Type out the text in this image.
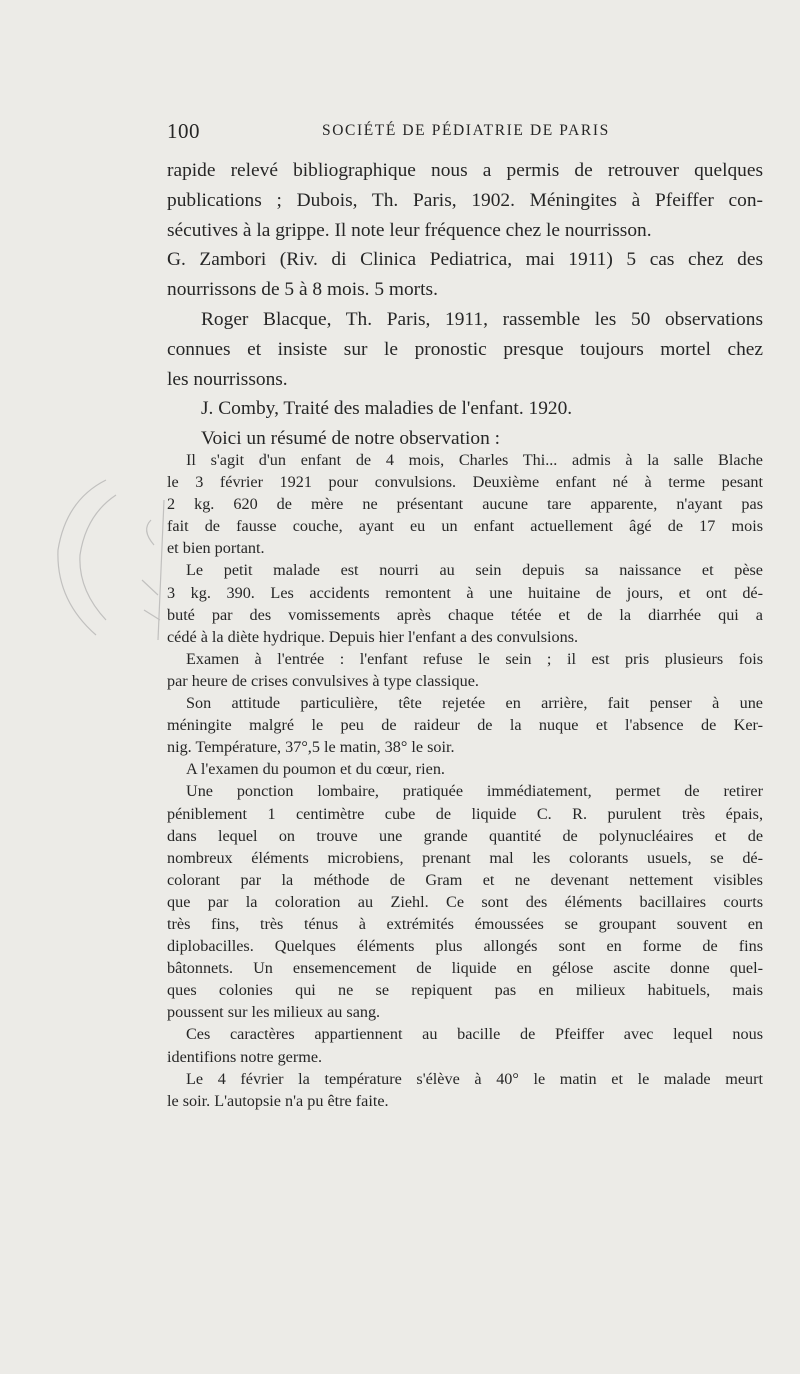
100	SOCIÉTÉ DE PÉDIATRIE DE PARIS
rapide relevé bibliographique nous a permis de retrouver quelques
publications ; Dubois, Th. Paris, 1902. Méningites à Pfeiffer con-
sécutives à la grippe. Il note leur fréquence chez le nourrisson.
G. Zambori (Riv. di Clinica Pediatrica, mai 1911) 5 cas chez des
nourrissons de 5 à 8 mois. 5 morts.
Roger Blacque, Th. Paris, 1911, rassemble les 50 observations
connues et insiste sur le pronostic presque toujours mortel chez
les nourrissons.
J. Comby, Traité des maladies de l'enfant. 1920.
Voici un résumé de notre observation :
Il s'agit d'un enfant de 4 mois, Charles Thi... admis à la salle Blache
le 3 février 1921 pour convulsions. Deuxième enfant né à terme pesant
2 kg. 620 de mère ne présentant aucune tare apparente, n'ayant pas
fait de fausse couche, ayant eu un enfant actuellement âgé de 17 mois
et bien portant.
Le petit malade est nourri au sein depuis sa naissance et pèse
3 kg. 390. Les accidents remontent à une huitaine de jours, et ont dé-
buté par des vomissements après chaque tétée et de la diarrhée qui a
cédé à la diète hydrique. Depuis hier l'enfant a des convulsions.
Examen à l'entrée : l'enfant refuse le sein ; il est pris plusieurs fois
par heure de crises convulsives à type classique.
Son attitude particulière, tête rejetée en arrière, fait penser à une
méningite malgré le peu de raideur de la nuque et l'absence de Ker-
nig. Température, 37°,5 le matin, 38° le soir.
A l'examen du poumon et du cœur, rien.
Une ponction lombaire, pratiquée immédiatement, permet de retirer
péniblement 1 centimètre cube de liquide C. R. purulent très épais,
dans lequel on trouve une grande quantité de polynucléaires et de
nombreux éléments microbiens, prenant mal les colorants usuels, se dé-
colorant par la méthode de Gram et ne devenant nettement visibles
que par la coloration au Ziehl. Ce sont des éléments bacillaires courts
très fins, très ténus à extrémités émoussées se groupant souvent en
diplobacilles. Quelques éléments plus allongés sont en forme de fins
bâtonnets. Un ensemencement de liquide en gélose ascite donne quel-
ques colonies qui ne se repiquent pas en milieux habituels, mais
poussent sur les milieux au sang.
Ces caractères appartiennent au bacille de Pfeiffer avec lequel nous
identifions notre germe.
Le 4 février la température s'élève à 40° le matin et le malade meurt
le soir. L'autopsie n'a pu être faite.
